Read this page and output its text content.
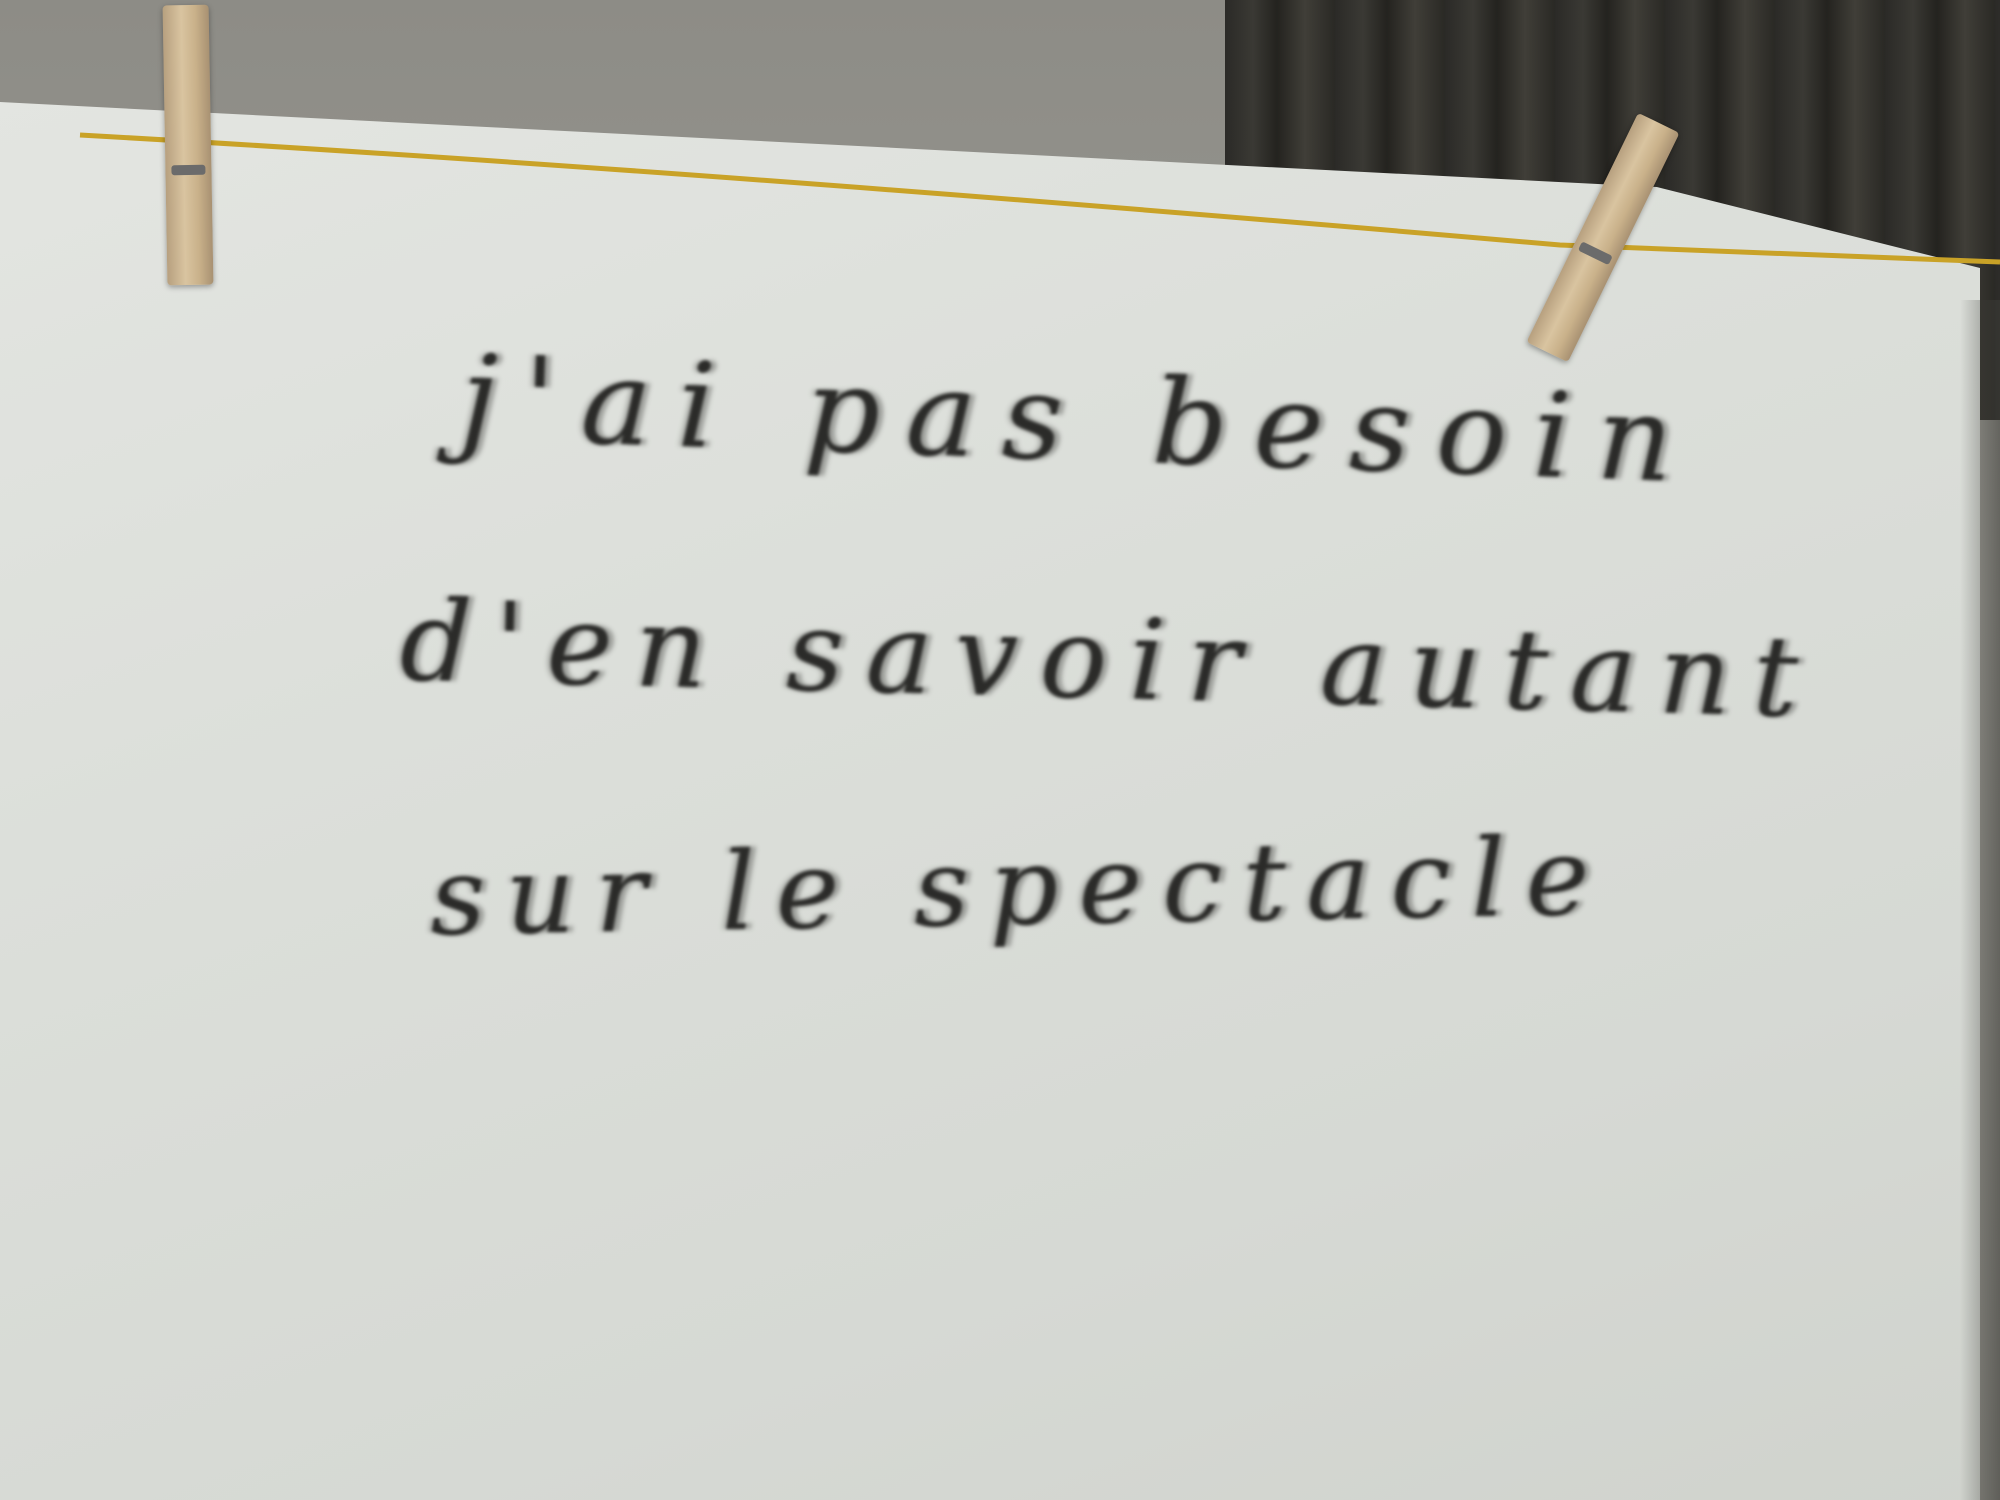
j'ai pas besoin
d'en savoir autant
sur le spectacle
